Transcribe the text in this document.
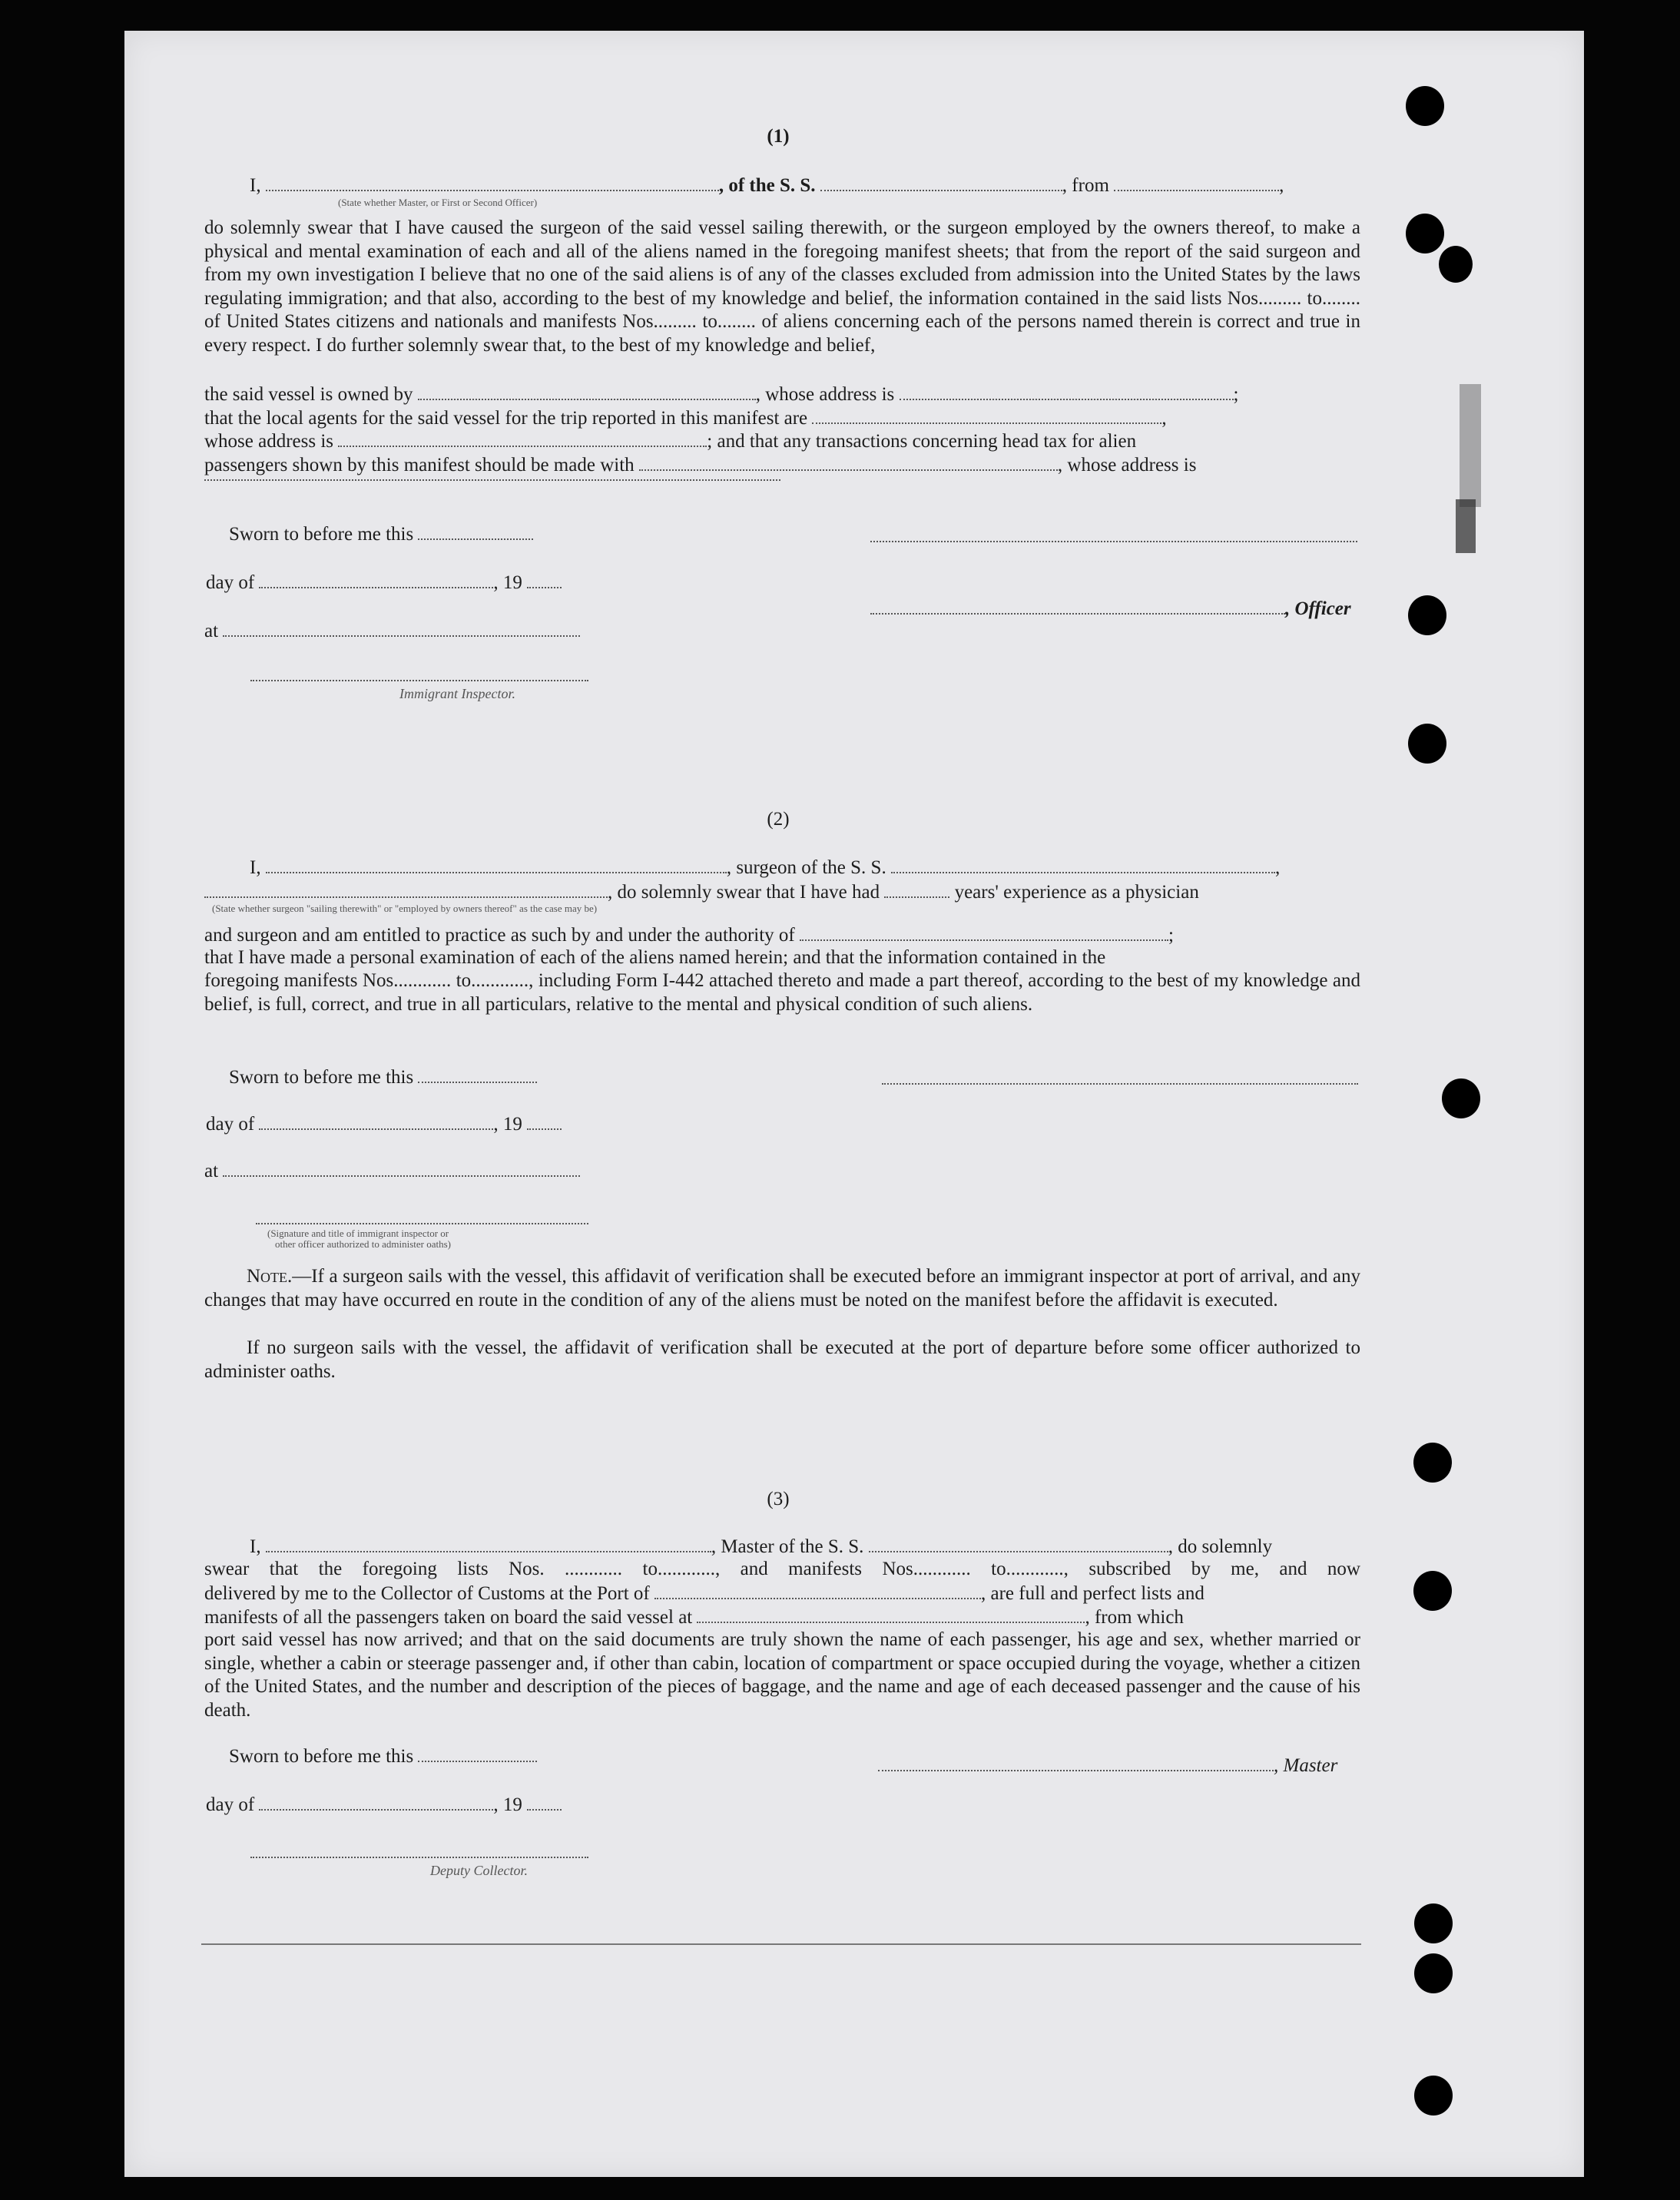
(1)
I,	, of the S. S.	, from	,
(State whether Master, or First or Second Officer)
do solemnly swear that I have caused the surgeon of the said vessel sailing therewith, or the surgeon employed by the owners thereof, to make a physical and mental examination of each and all of the aliens named in the foregoing manifest sheets; that from the report of the said surgeon and from my own investigation I believe that no one of the said aliens is of any of the classes excluded from admission into the United States by the laws regulating immigration; and that also, according to the best of my knowledge and belief, the information contained in the said lists Nos......... to........ of United States citizens and nationals and manifests Nos......... to........ of aliens concerning each of the persons named therein is correct and true in every respect. I do further solemnly swear that, to the best of my knowledge and belief,
the said vessel is owned by	, whose address is	;
that the local agents for the said vessel for the trip reported in this manifest are	,
whose address is	; and that any transactions concerning head tax for alien
passengers shown by this manifest should be made with	, whose address is
Sworn to before me this
day of	, 19
, Officer
at
Immigrant Inspector.
(2)
I,	, surgeon of the S. S.	,
, do solemnly swear that I have had	years' experience as a physician
(State whether surgeon "sailing therewith" or "employed by owners thereof" as the case may be)
and surgeon and am entitled to practice as such by and under the authority of	;
that I have made a personal examination of each of the aliens named herein; and that the information contained in the
foregoing manifests Nos............ to............, including Form I-442 attached thereto and made a part thereof, according to the best of my knowledge and belief, is full, correct, and true in all particulars, relative to the mental and physical condition of such aliens.
Sworn to before me this
day of	, 19
at
(Signature and title of immigrant inspector or
other officer authorized to administer oaths)
Note.—If a surgeon sails with the vessel, this affidavit of verification shall be executed before an immigrant inspector at port of arrival, and any changes that may have occurred en route in the condition of any of the aliens must be noted on the manifest before the affidavit is executed.
If no surgeon sails with the vessel, the affidavit of verification shall be executed at the port of departure before some officer authorized to administer oaths.
(3)
I,	, Master of the S. S.	, do solemnly
swear that the foregoing lists Nos. ............ to............, and manifests Nos............ to............, subscribed by me, and now
delivered by me to the Collector of Customs at the Port of	, are full and perfect lists and
manifests of all the passengers taken on board the said vessel at	, from which
port said vessel has now arrived; and that on the said documents are truly shown the name of each passenger, his age and sex, whether married or single, whether a cabin or steerage passenger and, if other than cabin, location of compartment or space occupied during the voyage, whether a citizen of the United States, and the number and description of the pieces of baggage, and the name and age of each deceased passenger and the cause of his death.
Sworn to before me this	, Master
day of	, 19
Deputy Collector.
